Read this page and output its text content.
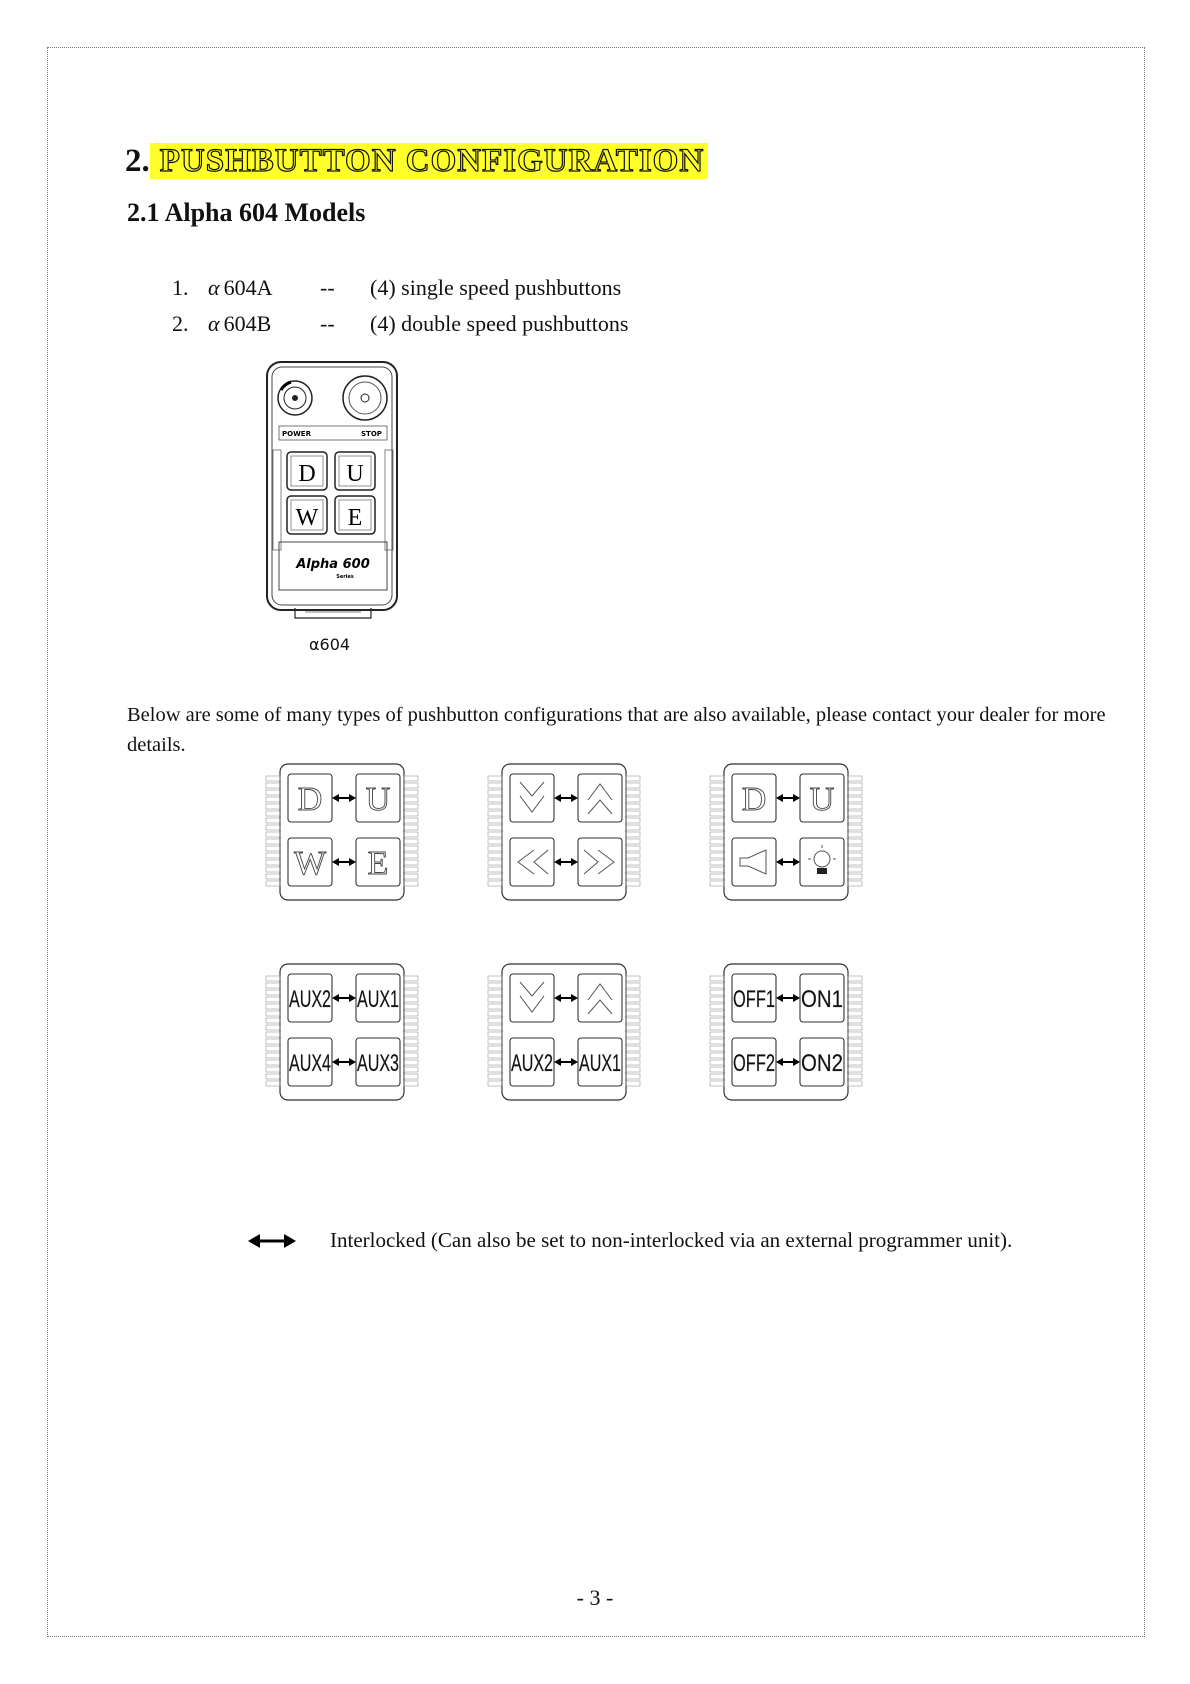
2. PUSHBUTTON CONFIGURATION
2.1 Alpha 604 Models
1. α 604A	--	(4) single speed pushbuttons
2. α 604B	--	(4) double speed pushbuttons
POWER	STOP
D U
W E
Alpha 600
Series
α604
Below are some of many types of pushbutton configurations that are also available, please contact your dealer for more details.
D U
W E
D U
AUX2 AUX1
AUX4 AUX3	AUX2 AUX1
OFF1 ON1
OFF2 ON2
Interlocked (Can also be set to non-interlocked via an external programmer unit).
- 3 -
